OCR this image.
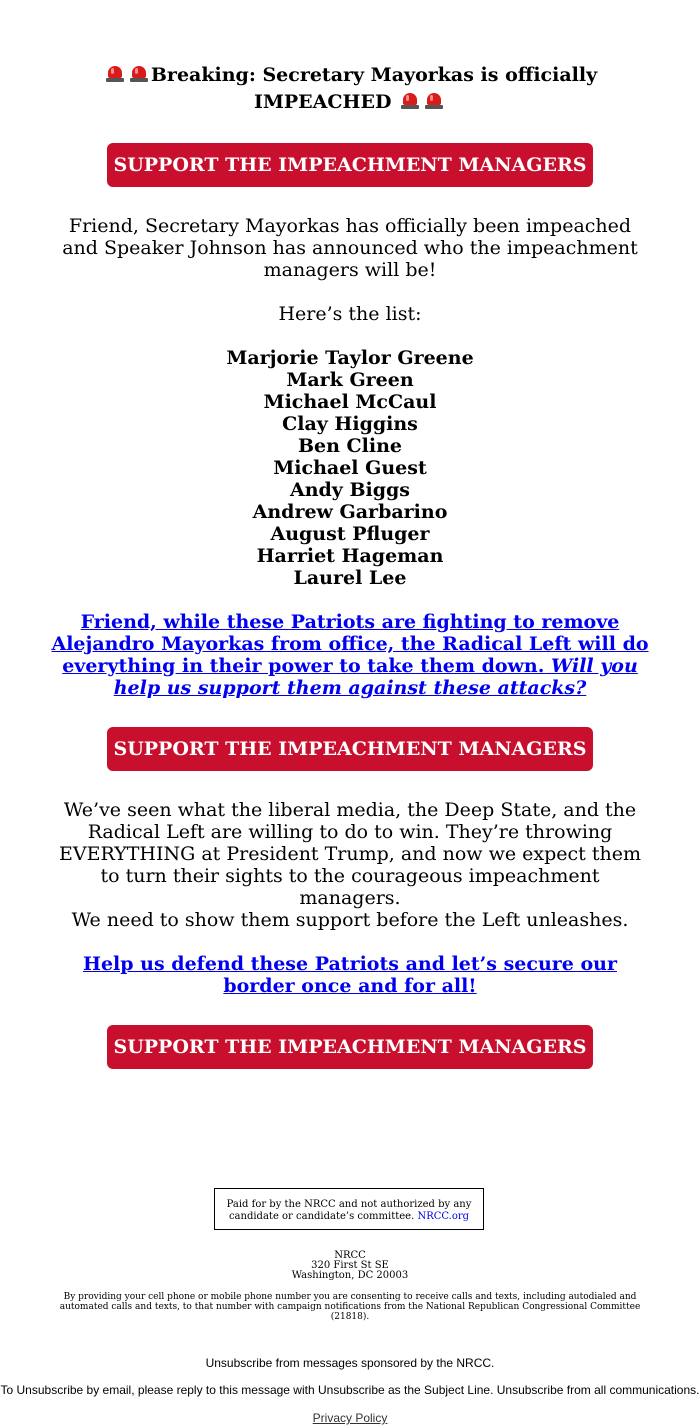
Breaking: Secretary Mayorkas is officially
IMPEACHED
SUPPORT THE IMPEACHMENT MANAGERS
Friend, Secretary Mayorkas has officially been impeached and Speaker Johnson has announced who the impeachment managers will be!
Here’s the list:
Marjorie Taylor Greene
Mark Green
Michael McCaul
Clay Higgins
Ben Cline
Michael Guest
Andy Biggs
Andrew Garbarino
August Pfluger
Harriet Hageman
Laurel Lee
Friend, while these Patriots are fighting to remove Alejandro Mayorkas from office, the Radical Left will do everything in their power to take them down. Will you help us support them against these attacks?
SUPPORT THE IMPEACHMENT MANAGERS
We’ve seen what the liberal media, the Deep State, and the Radical Left are willing to do to win. They’re throwing EVERYTHING at President Trump, and now we expect them to turn their sights to the courageous impeachment managers.
We need to show them support before the Left unleashes.
Help us defend these Patriots and let’s secure our border once and for all!
SUPPORT THE IMPEACHMENT MANAGERS
Paid for by the NRCC and not authorized by any candidate or candidate’s committee. NRCC.org
NRCC
320 First St SE
Washington, DC 20003
By providing your cell phone or mobile phone number you are consenting to receive calls and texts, including autodialed and automated calls and texts, to that number with campaign notifications from the National Republican Congressional Committee (21818).
Unsubscribe from messages sponsored by the NRCC.
To Unsubscribe by email, please reply to this message with Unsubscribe as the Subject Line. Unsubscribe from all communications.
Privacy Policy
